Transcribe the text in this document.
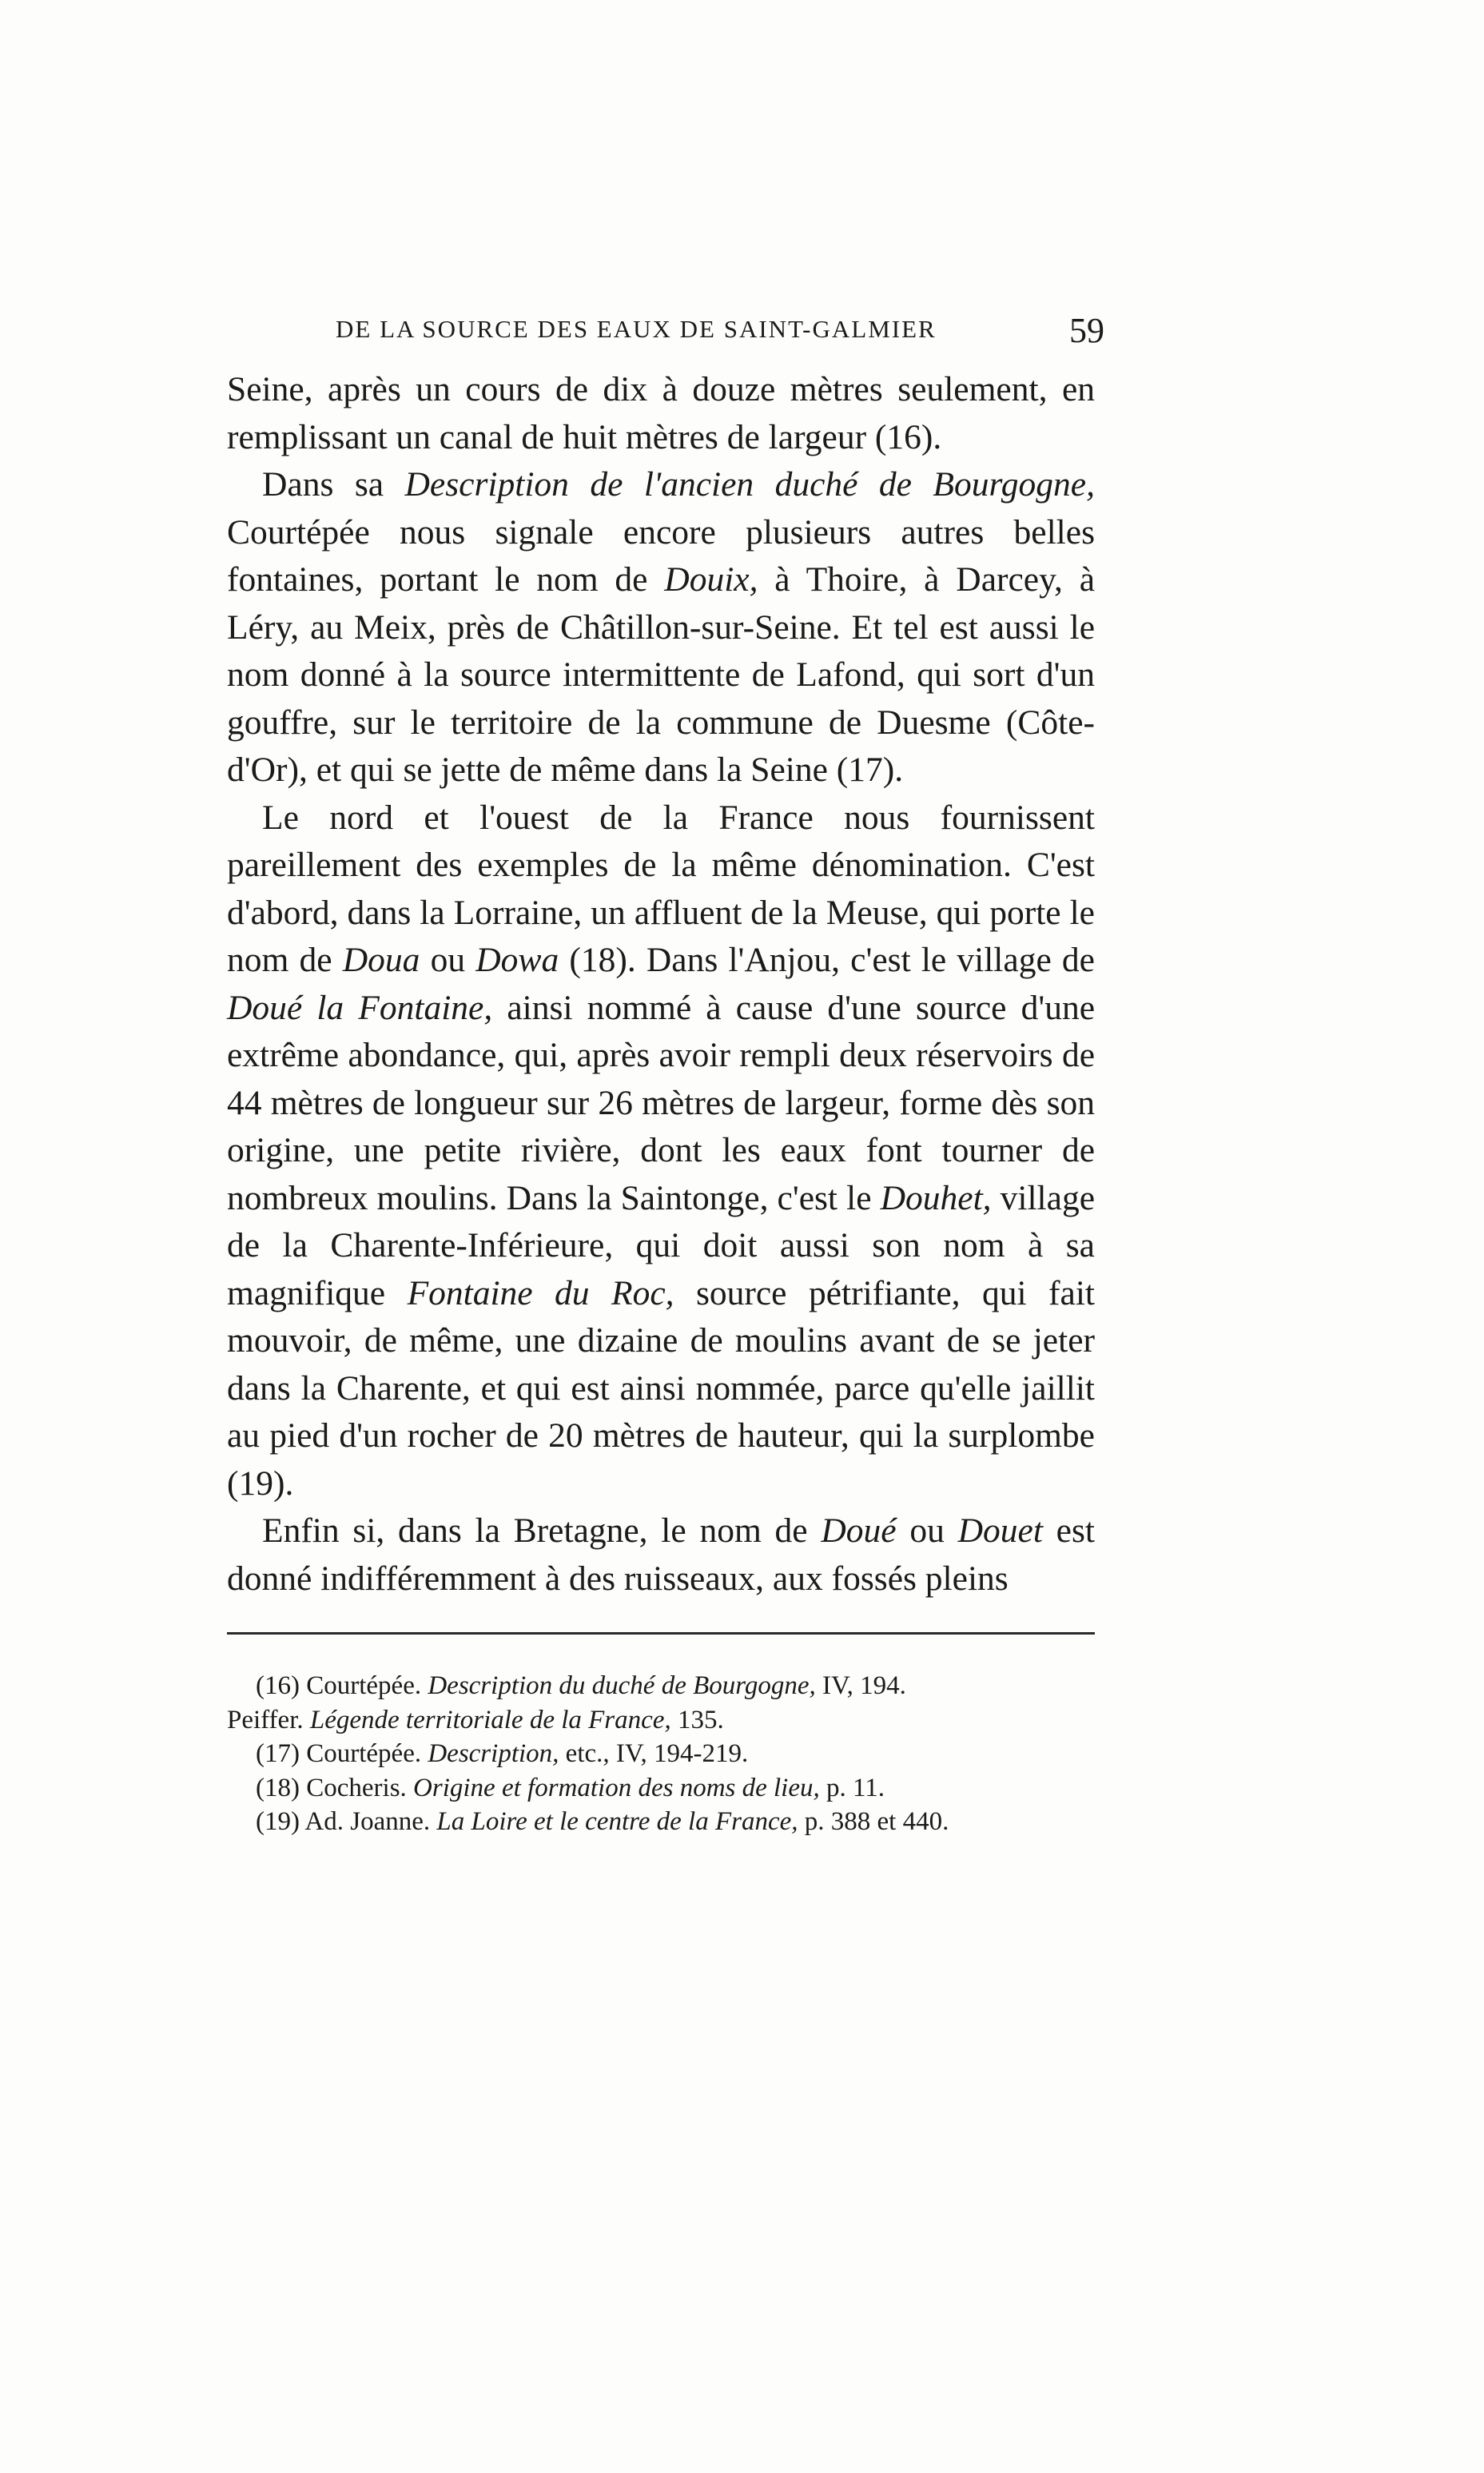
DE LA SOURCE DES EAUX DE SAINT-GALMIER	59

Seine, après un cours de dix à douze mètres seulement, en remplissant un canal de huit mètres de largeur (16).

Dans sa Description de l'ancien duché de Bourgogne, Courtépée nous signale encore plusieurs autres belles fontaines, portant le nom de Douix, à Thoire, à Darcey, à Léry, au Meix, près de Châtillon-sur-Seine. Et tel est aussi le nom donné à la source intermittente de Lafond, qui sort d'un gouffre, sur le territoire de la commune de Duesme (Côte-d'Or), et qui se jette de même dans la Seine (17).

Le nord et l'ouest de la France nous fournissent pareillement des exemples de la même dénomination. C'est d'abord, dans la Lorraine, un affluent de la Meuse, qui porte le nom de Doua ou Dowa (18). Dans l'Anjou, c'est le village de Doué la Fontaine, ainsi nommé à cause d'une source d'une extrême abondance, qui, après avoir rempli deux réservoirs de 44 mètres de longueur sur 26 mètres de largeur, forme dès son origine, une petite rivière, dont les eaux font tourner de nombreux moulins. Dans la Saintonge, c'est le Douhet, village de la Charente-Inférieure, qui doit aussi son nom à sa magnifique Fontaine du Roc, source pétrifiante, qui fait mouvoir, de même, une dizaine de moulins avant de se jeter dans la Charente, et qui est ainsi nommée, parce qu'elle jaillit au pied d'un rocher de 20 mètres de hauteur, qui la surplombe (19).

Enfin si, dans la Bretagne, le nom de Doué ou Douet est donné indifféremment à des ruisseaux, aux fossés pleins

(16) Courtépée. Description du duché de Bourgogne, IV, 194.

Peiffer. Légende territoriale de la France, 135.

(17) Courtépée. Description, etc., IV, 194-219.

(18) Cocheris. Origine et formation des noms de lieu, p. 11.

(19) Ad. Joanne. La Loire et le centre de la France, p. 388 et 440.
